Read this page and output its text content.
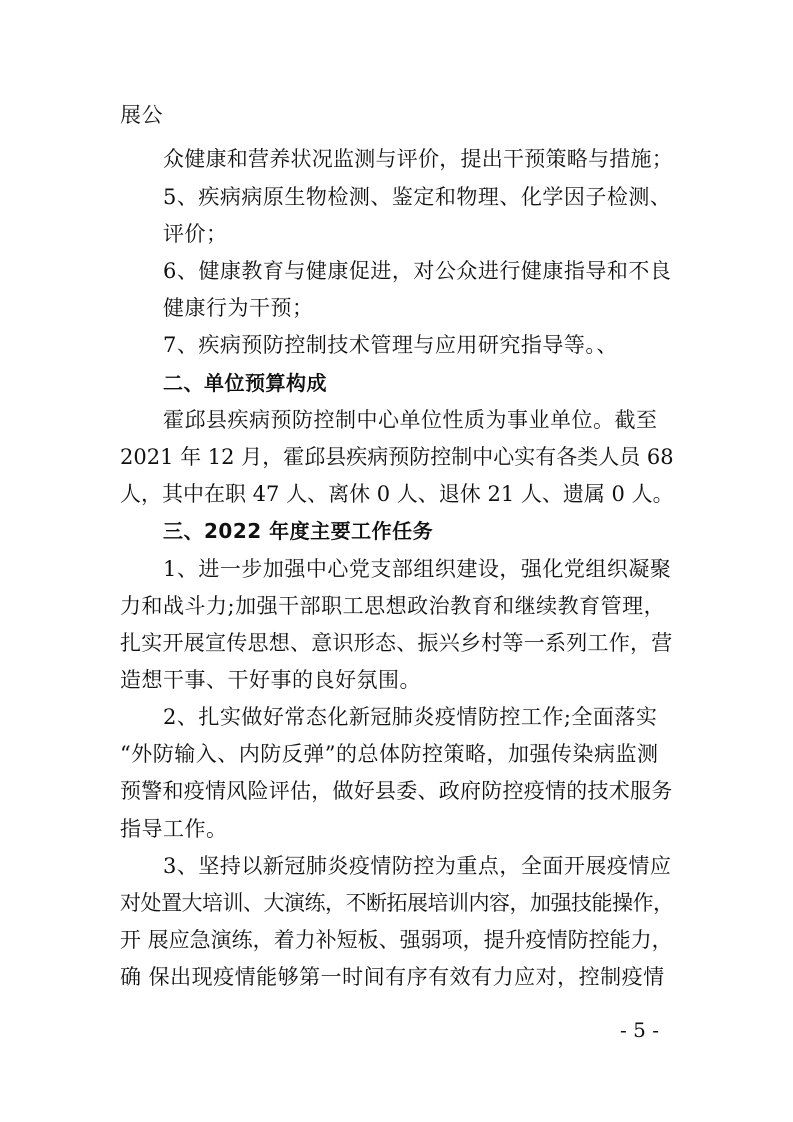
展公
众健康和营养状况监测与评价，提出干预策略与措施；
5、疾病病原生物检测、鉴定和物理、化学因子检测、
评价；
6、健康教育与健康促进，对公众进行健康指导和不良
健康行为干预；
7、疾病预防控制技术管理与应用研究指导等。、
二、单位预算构成
霍邱县疾病预防控制中心单位性质为事业单位。截至
2021 年 12 月，霍邱县疾病预防控制中心实有各类人员 68
人，其中在职 47 人、离休 0 人、退休 21 人、遗属 0 人。
三、2022 年度主要工作任务
1、进一步加强中心党支部组织建设，强化党组织凝聚
力和战斗力;加强干部职工思想政治教育和继续教育管理，
扎实开展宣传思想、意识形态、振兴乡村等一系列工作，营
造想干事、干好事的良好氛围。
2、扎实做好常态化新冠肺炎疫情防控工作;全面落实
“外防输入、内防反弹”的总体防控策略，加强传染病监测
预警和疫情风险评估，做好县委、政府防控疫情的技术服务
指导工作。
3、坚持以新冠肺炎疫情防控为重点，全面开展疫情应
对处置大培训、大演练，不断拓展培训内容，加强技能操作，
开 展应急演练，着力补短板、强弱项，提升疫情防控能力，
确 保出现疫情能够第一时间有序有效有力应对，控制疫情
- 5 -
